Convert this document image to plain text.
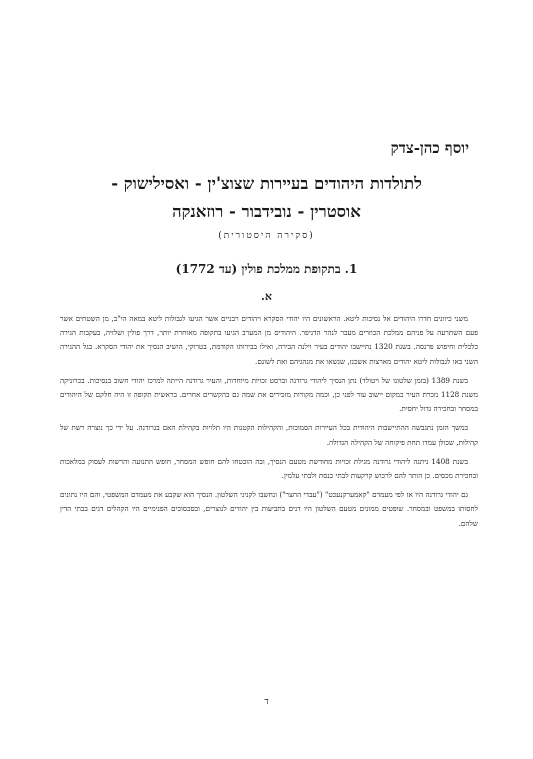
יוסף כהן-צדק

לתולדות היהודים בעיירות שצוצ'ין - ואסילישוק -
אוסטרין - נובידבור - רוזאנקה

(סקירה היסטורית)

1. בתקופת ממלכת פולין (עד 1772)
א.

משני כיוונים חדרו היהודים אל נסיכות ליטא. הראשונים היו יהודי הסקרא ויהודים רבניים אשר הגיעו לגבולות ליטא במאה הי"ב, מן השטחים אשר פעם השתרעה על פניהם ממלכת הכוזרים מעבר לנהר הדניפר. היהודים מן המערב הגיעו בתקופה מאוחרת יותר, דרך פולין ושלזיה, בעקבות הגירה כלכלית וחיפוש פרנסה. בשנת 1320 נתיישבו יהודים בעיר וילנה הבירה, ואילו בבירותו הקודמת, בטרוקי, הושיב הנסיך את יהודי הסקרא. בגל ההגירה השני באו לגבולות ליטא יהודים מארצות אשכנז, שנשאו את מנהגיהם ואת לשונם.

בשנת 1389 (בזמן שלטונו של ויטולד) נתן הנסיך ליהודי גרודנה וברסט זכויות מיוחדות, והעיר גרודנה הייתה למרכז יהודי חשוב בנסיכות. בכרוניקה משנת 1128 נזכרת העיר כמקום יישוב עוד לפני כן, וכמה מקורות מזכירים את שמה גם בהקשרים אחרים. בראשית תקופה זו היה חלקם של היהודים במסחר ובחכירה גדול יחסית.

במשך הזמן נתגבשה ההתיישבות היהודית בכל העיירות הסמוכות, והקהילות הקטנות היו תלויות בקהילת האם בגרודנה. על ידי כך נוצרה רשת של קהילות, שכולן עמדו תחת פיקוחה של הקהילה הגדולה.

בשנת 1408 ניתנה ליהודי גרודנה מגילת זכויות מחודשת מטעם הנסיך, ובה הובטחו להם חופש המסחר, חופש התנועה והרשות לעסוק במלאכות ובחכירת מכסים. כן הותר להם לרכוש קרקעות לבתי כנסת ולבתי עלמין.

גם יהודי גרודנה היו אז לפי מעמדם "קאמערקנעכט" ("עבדי החצר") ונחשבו לקניני השלטון. הנסיך הוא שקבע את מעמדם המשפטי, והם היו נתונים לחסותו במשפט ובמסחר. שופטים ממונים מטעם השלטון היו דנים בתביעות בין יהודים לנוצרים, ובסכסוכים הפנימיים היו הקהלים דנים בבתי הדין שלהם.

ד
